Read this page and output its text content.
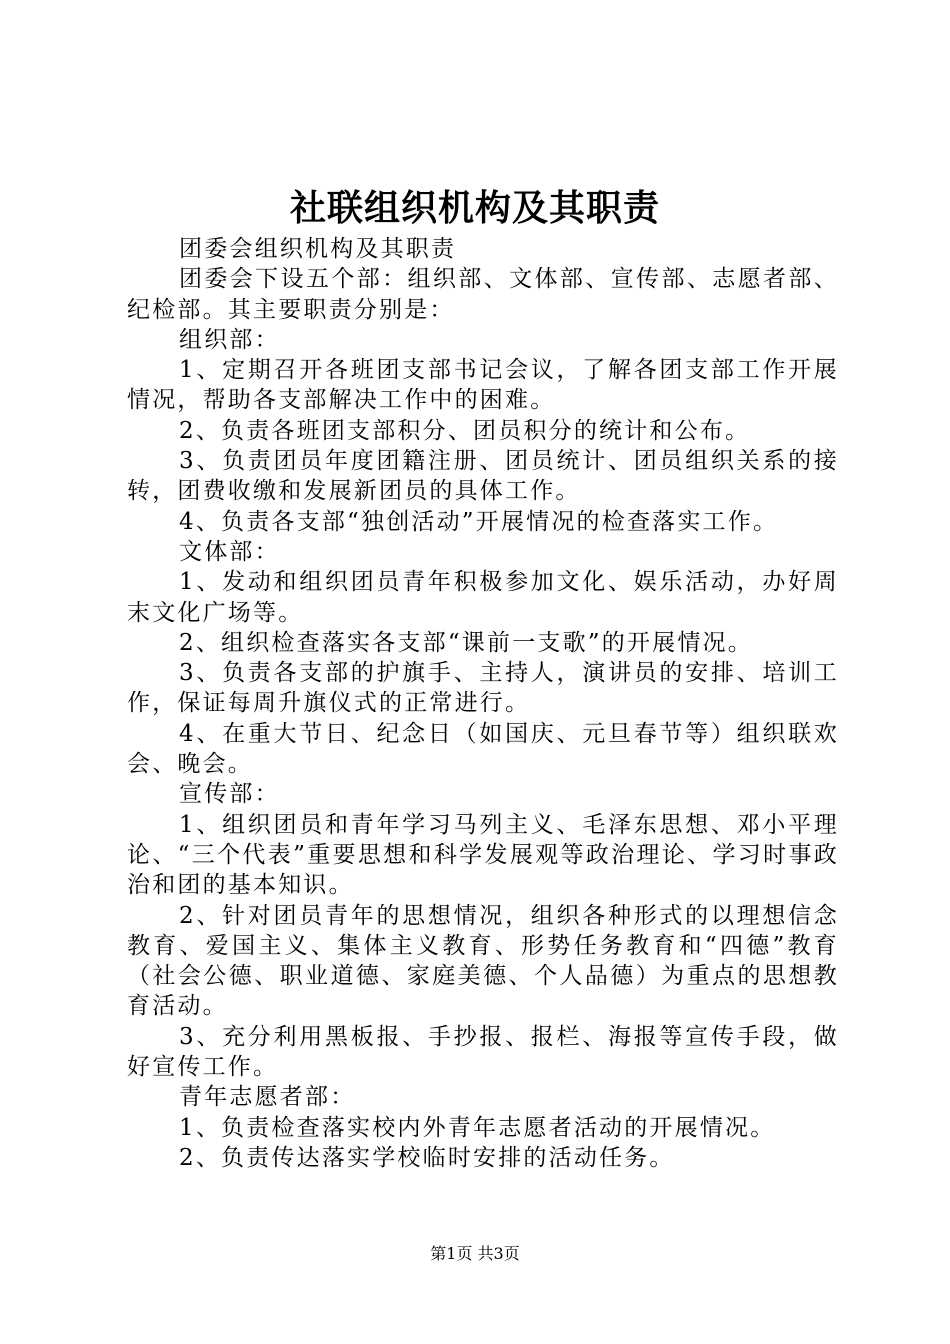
社联组织机构及其职责

团委会组织机构及其职责

团委会下设五个部：组织部、文体部、宣传部、志愿者部、纪检部。其主要职责分别是：

组织部：

1、定期召开各班团支部书记会议，了解各团支部工作开展情况，帮助各支部解决工作中的困难。

2、负责各班团支部积分、团员积分的统计和公布。

3、负责团员年度团籍注册、团员统计、团员组织关系的接转，团费收缴和发展新团员的具体工作。

4、负责各支部“独创活动”开展情况的检查落实工作。

文体部：

1、发动和组织团员青年积极参加文化、娱乐活动，办好周末文化广场等。

2、组织检查落实各支部“课前一支歌”的开展情况。

3、负责各支部的护旗手、主持人，演讲员的安排、培训工作，保证每周升旗仪式的正常进行。

4、在重大节日、纪念日（如国庆、元旦春节等）组织联欢会、晚会。

宣传部：

1、组织团员和青年学习马列主义、毛泽东思想、邓小平理论、“三个代表”重要思想和科学发展观等政治理论、学习时事政治和团的基本知识。

2、针对团员青年的思想情况，组织各种形式的以理想信念教育、爱国主义、集体主义教育、形势任务教育和“四德”教育（社会公德、职业道德、家庭美德、个人品德）为重点的思想教育活动。

3、充分利用黑板报、手抄报、报栏、海报等宣传手段，做好宣传工作。

青年志愿者部：

1、负责检查落实校内外青年志愿者活动的开展情况。

2、负责传达落实学校临时安排的活动任务。

第1页 共3页
